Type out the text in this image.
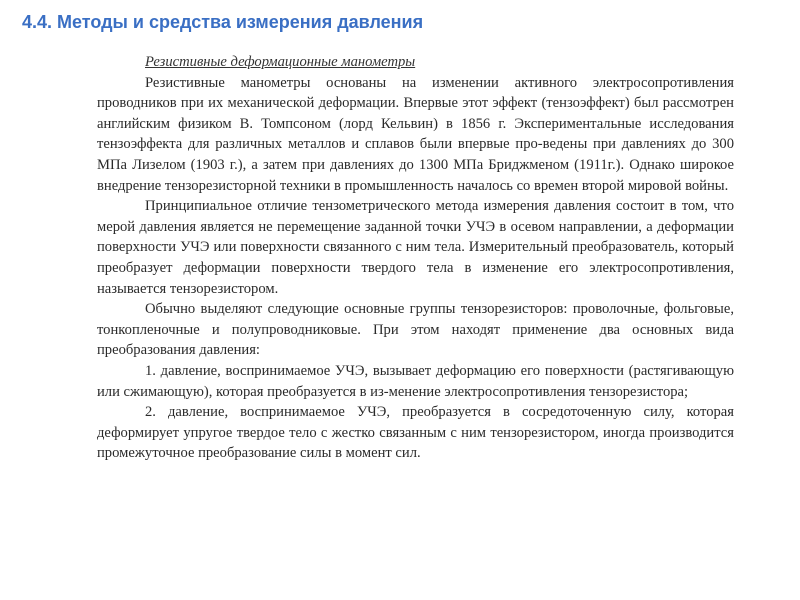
4.4. Методы и средства измерения давления

Резистивные деформационные манометры

Резистивные манометры основаны на изменении активного электросопротивления проводников при их механической деформации. Впервые этот эффект (тензоэффект) был рассмотрен английским физиком В. Томпсоном (лорд Кельвин) в 1856 г. Экспериментальные исследования тензоэффекта для различных металлов и сплавов были впервые про-ведены при давлениях до 300 МПа Лизелом (1903 г.), а затем при давлениях до 1300 МПа Бриджменом (1911г.). Однако широкое внедрение тензорезисторной техники в промышленность началось со времен второй мировой войны.

Принципиальное отличие тензометрического метода измерения давления состоит в том, что мерой давления является не перемещение заданной точки УЧЭ в осевом направлении, а деформации поверхности УЧЭ или поверхности связанного с ним тела. Измерительный преобразователь, который преобразует деформации поверхности твердого тела в изменение его электросопротивления, называется тензорезистором.

Обычно выделяют следующие основные группы тензорезисторов: проволочные, фольговые, тонкопленочные и полупроводниковые. При этом находят применение два основных вида преобразования давления:

1. давление, воспринимаемое УЧЭ, вызывает деформацию его поверхности (растягивающую или сжимающую), которая преобразуется в из-менение электросопротивления тензорезистора;

2. давление, воспринимаемое УЧЭ, преобразуется в сосредоточенную силу, которая деформирует упругое твердое тело с жестко связанным с ним тензорезистором, иногда производится промежуточное преобразование силы в момент сил.
